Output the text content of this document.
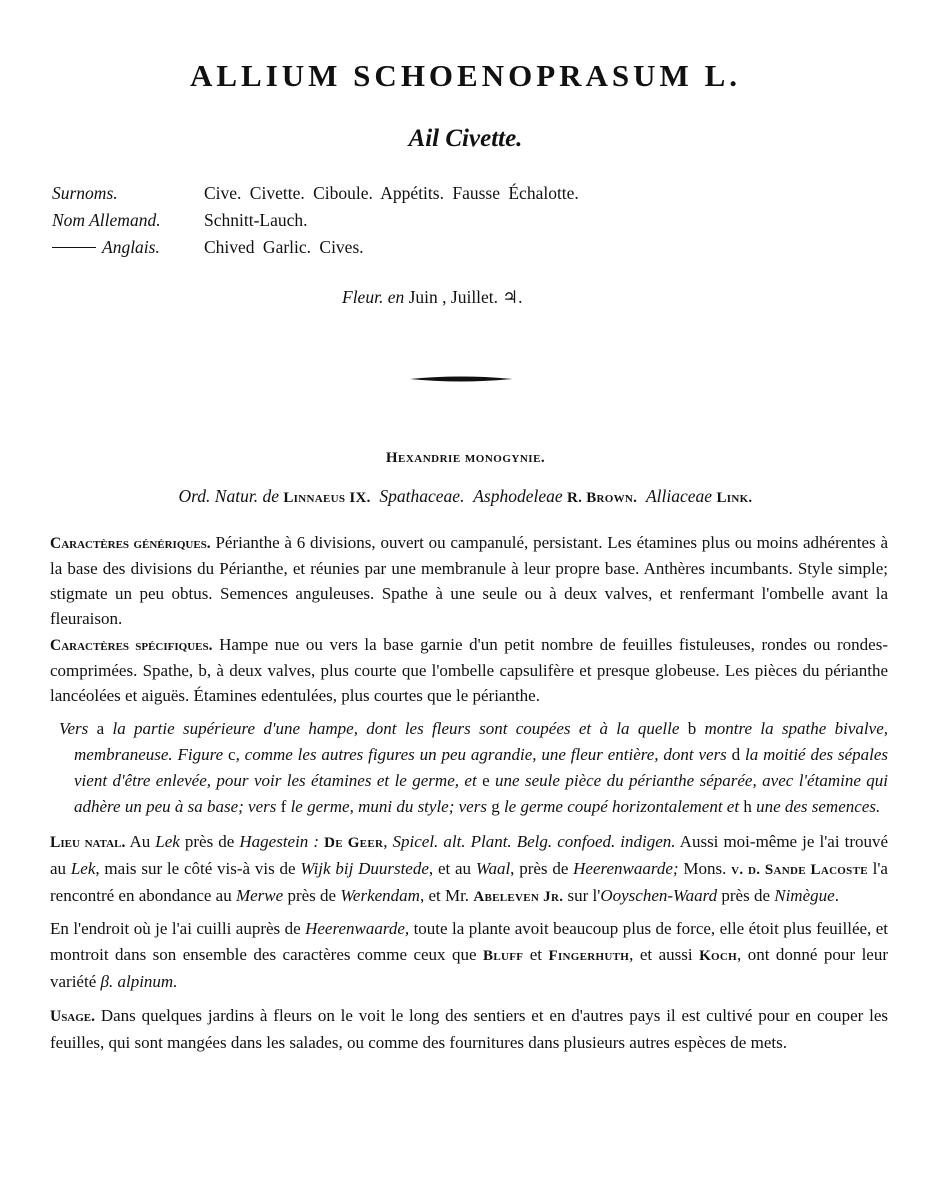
ALLIUM SCHOENOPRASUM L.
Ail Civette.
Surnoms.	Cive. Civette. Ciboule. Appétits. Fausse Échalotte.
Nom Allemand.	Schnitt-Lauch.
Anglais.	Chived Garlic. Cives.
Fleur. en Juin , Juillet. ♃.
Hexandrie monogynie.
Ord. Natur. de Linnaeus IX. Spathaceae. Asphodeleae R. Brown. Alliaceae Link.

Caractères génériques. Périanthe à 6 divisions, ouvert ou campanulé, persistant. Les étamines plus ou moins adhérentes à la base des divisions du Périanthe, et réunies par une membranule à leur propre base. Anthères incumbants. Style simple; stigmate un peu obtus. Semences anguleuses. Spathe à une seule ou à deux valves, et renfermant l'ombelle avant la fleuraison.

Caractères spécifiques. Hampe nue ou vers la base garnie d'un petit nombre de feuilles fistuleuses, rondes ou rondes-comprimées. Spathe, b, à deux valves, plus courte que l'ombelle capsulifère et presque globeuse. Les pièces du périanthe lancéolées et aiguës. Étamines edentulées, plus courtes que le périanthe.

Vers a la partie supérieure d'une hampe, dont les fleurs sont coupées et à la quelle b montre la spathe bivalve, membraneuse. Figure c, comme les autres figures un peu agrandie, une fleur entière, dont vers d la moitié des sépales vient d'être enlevée, pour voir les étamines et le germe, et e une seule pièce du périanthe séparée, avec l'étamine qui adhère un peu à sa base; vers f le germe, muni du style; vers g le germe coupé horizontalement et h une des semences.

Lieu natal. Au Lek près de Hagestein : De Geer, Spicel. alt. Plant. Belg. confoed. indigen. Aussi moi-même je l'ai trouvé au Lek, mais sur le côté vis-à vis de Wijk bij Duurstede, et au Waal, près de Heerenwaarde; Mons. v. d. Sande Lacoste l'a rencontré en abondance au Merwe près de Werkendam, et Mr. Abeleven Jr. sur l'Ooyschen-Waard près de Nimègue.

En l'endroit où je l'ai cuilli auprès de Heerenwaarde, toute la plante avoit beaucoup plus de force, elle étoit plus feuillée, et montroit dans son ensemble des caractères comme ceux que Bluff et Fingerhuth, et aussi Koch, ont donné pour leur variété β. alpinum.

Usage. Dans quelques jardins à fleurs on le voit le long des sentiers et en d'autres pays il est cultivé pour en couper les feuilles, qui sont mangées dans les salades, ou comme des fournitures dans plusieurs autres espèces de mets.
